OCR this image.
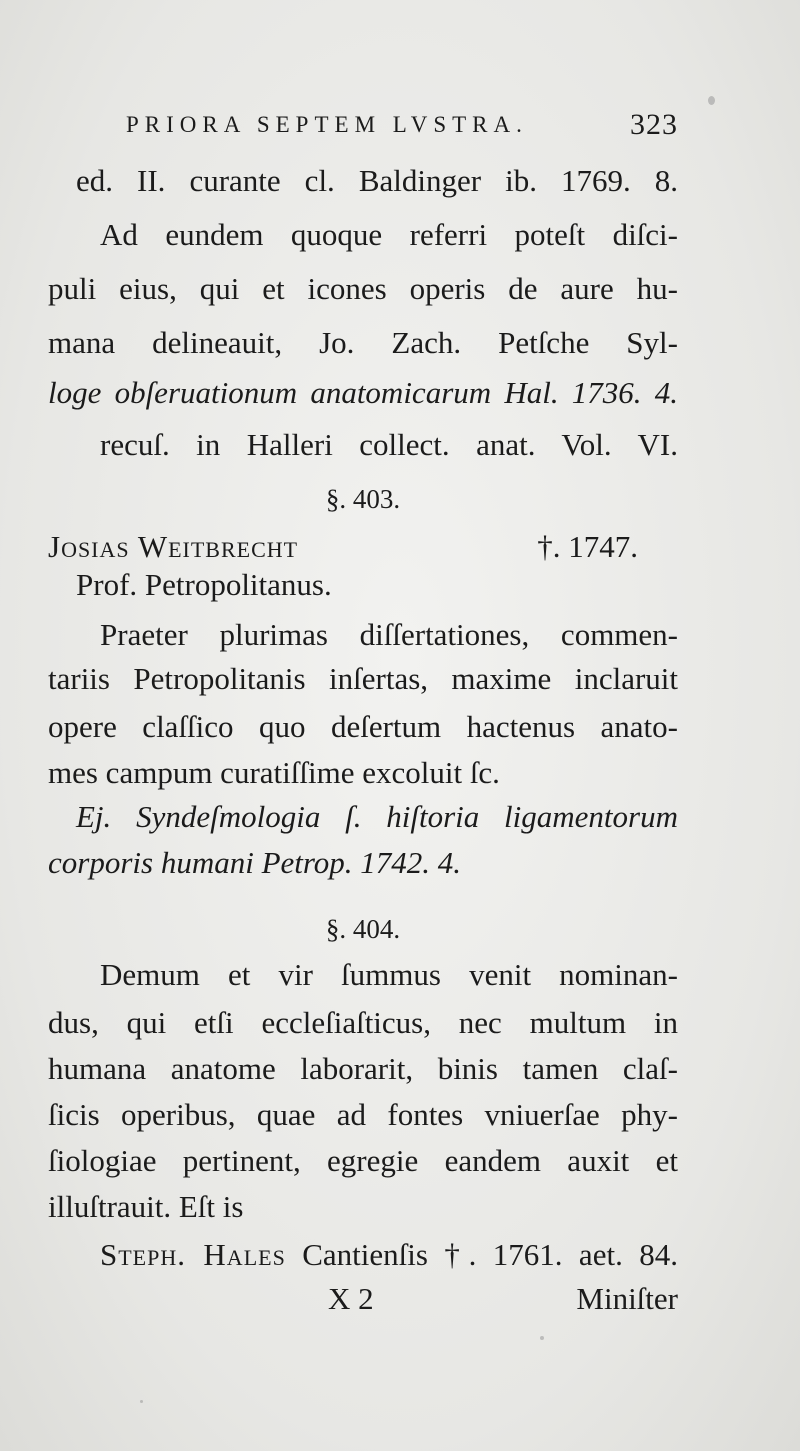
PRIORA SEPTEM LVSTRA.	323
ed. II. curante cl. Baldinger ib. 1769. 8.
Ad eundem quoque referri poteſt diſci-
puli eius, qui et icones operis de aure hu-
mana delineauit, Jo. Zach. Petſche Syl-
loge obſeruationum anatomicarum Hal. 1736. 4.
recuſ. in Halleri collect. anat. Vol. VI.
§. 403.
Josias Weitbrecht	†. 1747.
Prof. Petropolitanus.
Praeter plurimas diſſertationes, commen-
tariis Petropolitanis inſertas, maxime inclaruit
opere claſſico quo deſertum hactenus anato-
mes campum curatiſſime excoluit ſc.
Ej. Syndeſmologia ſ. hiſtoria ligamentorum
corporis humani Petrop. 1742. 4.
§. 404.
Demum et vir ſummus venit nominan-
dus, qui etſi eccleſiaſticus, nec multum in
humana anatome laborarit, binis tamen claſ-
ſicis operibus, quae ad fontes vniuerſae phy-
ſiologiae pertinent, egregie eandem auxit et
illuſtrauit. Eſt is
Steph. Hales Cantienſis †. 1761. aet. 84.
X 2	Miniſter
